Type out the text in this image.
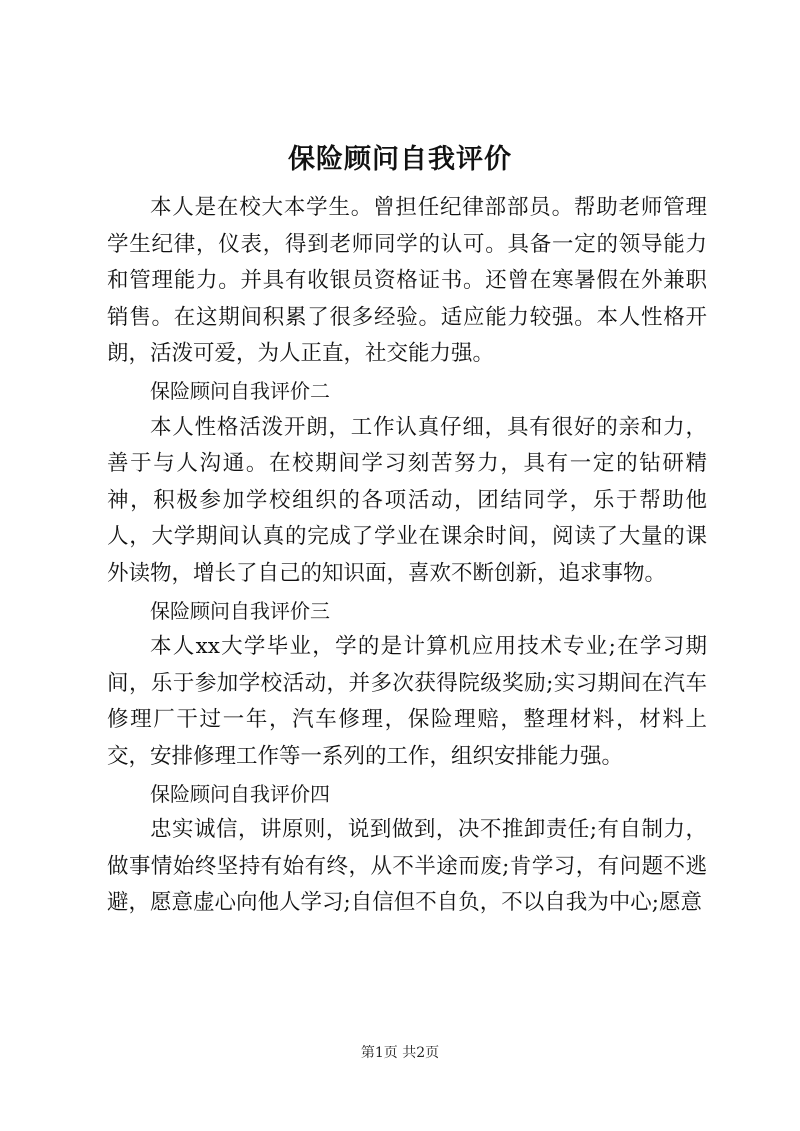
保险顾问自我评价

本人是在校大本学生。曾担任纪律部部员。帮助老师管理学生纪律，仪表，得到老师同学的认可。具备一定的领导能力和管理能力。并具有收银员资格证书。还曾在寒暑假在外兼职销售。在这期间积累了很多经验。适应能力较强。本人性格开朗，活泼可爱，为人正直，社交能力强。

保险顾问自我评价二

本人性格活泼开朗，工作认真仔细，具有很好的亲和力，善于与人沟通。在校期间学习刻苦努力，具有一定的钻研精神，积极参加学校组织的各项活动，团结同学，乐于帮助他人，大学期间认真的完成了学业在课余时间，阅读了大量的课外读物，增长了自己的知识面，喜欢不断创新，追求事物。

保险顾问自我评价三

本人xx大学毕业，学的是计算机应用技术专业;在学习期间，乐于参加学校活动，并多次获得院级奖励;实习期间在汽车修理厂干过一年，汽车修理，保险理赔，整理材料，材料上交，安排修理工作等一系列的工作，组织安排能力强。

保险顾问自我评价四

忠实诚信，讲原则，说到做到，决不推卸责任;有自制力，做事情始终坚持有始有终，从不半途而废;肯学习，有问题不逃避，愿意虚心向他人学习;自信但不自负，不以自我为中心;愿意

第1页 共2页
